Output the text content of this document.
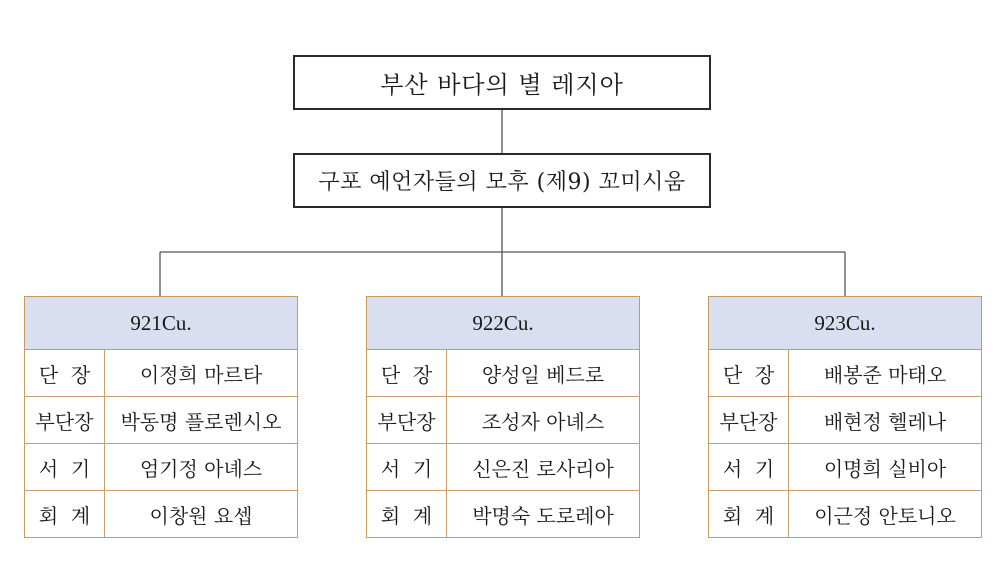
부산 바다의 별 레지아
구포 예언자들의 모후 (제9) 꼬미시움
921Cu.
단  장	이정희 마르타
부단장	박동명 플로렌시오
서  기	엄기정 아녜스
회  계	이창원 요셉
922Cu.
단  장	양성일 베드로
부단장	조성자 아녜스
서  기	신은진 로사리아
회  계	박명숙 도로레아
923Cu.
단  장	배봉준 마태오
부단장	배현정 헬레나
서  기	이명희 실비아
회  계	이근정 안토니오
